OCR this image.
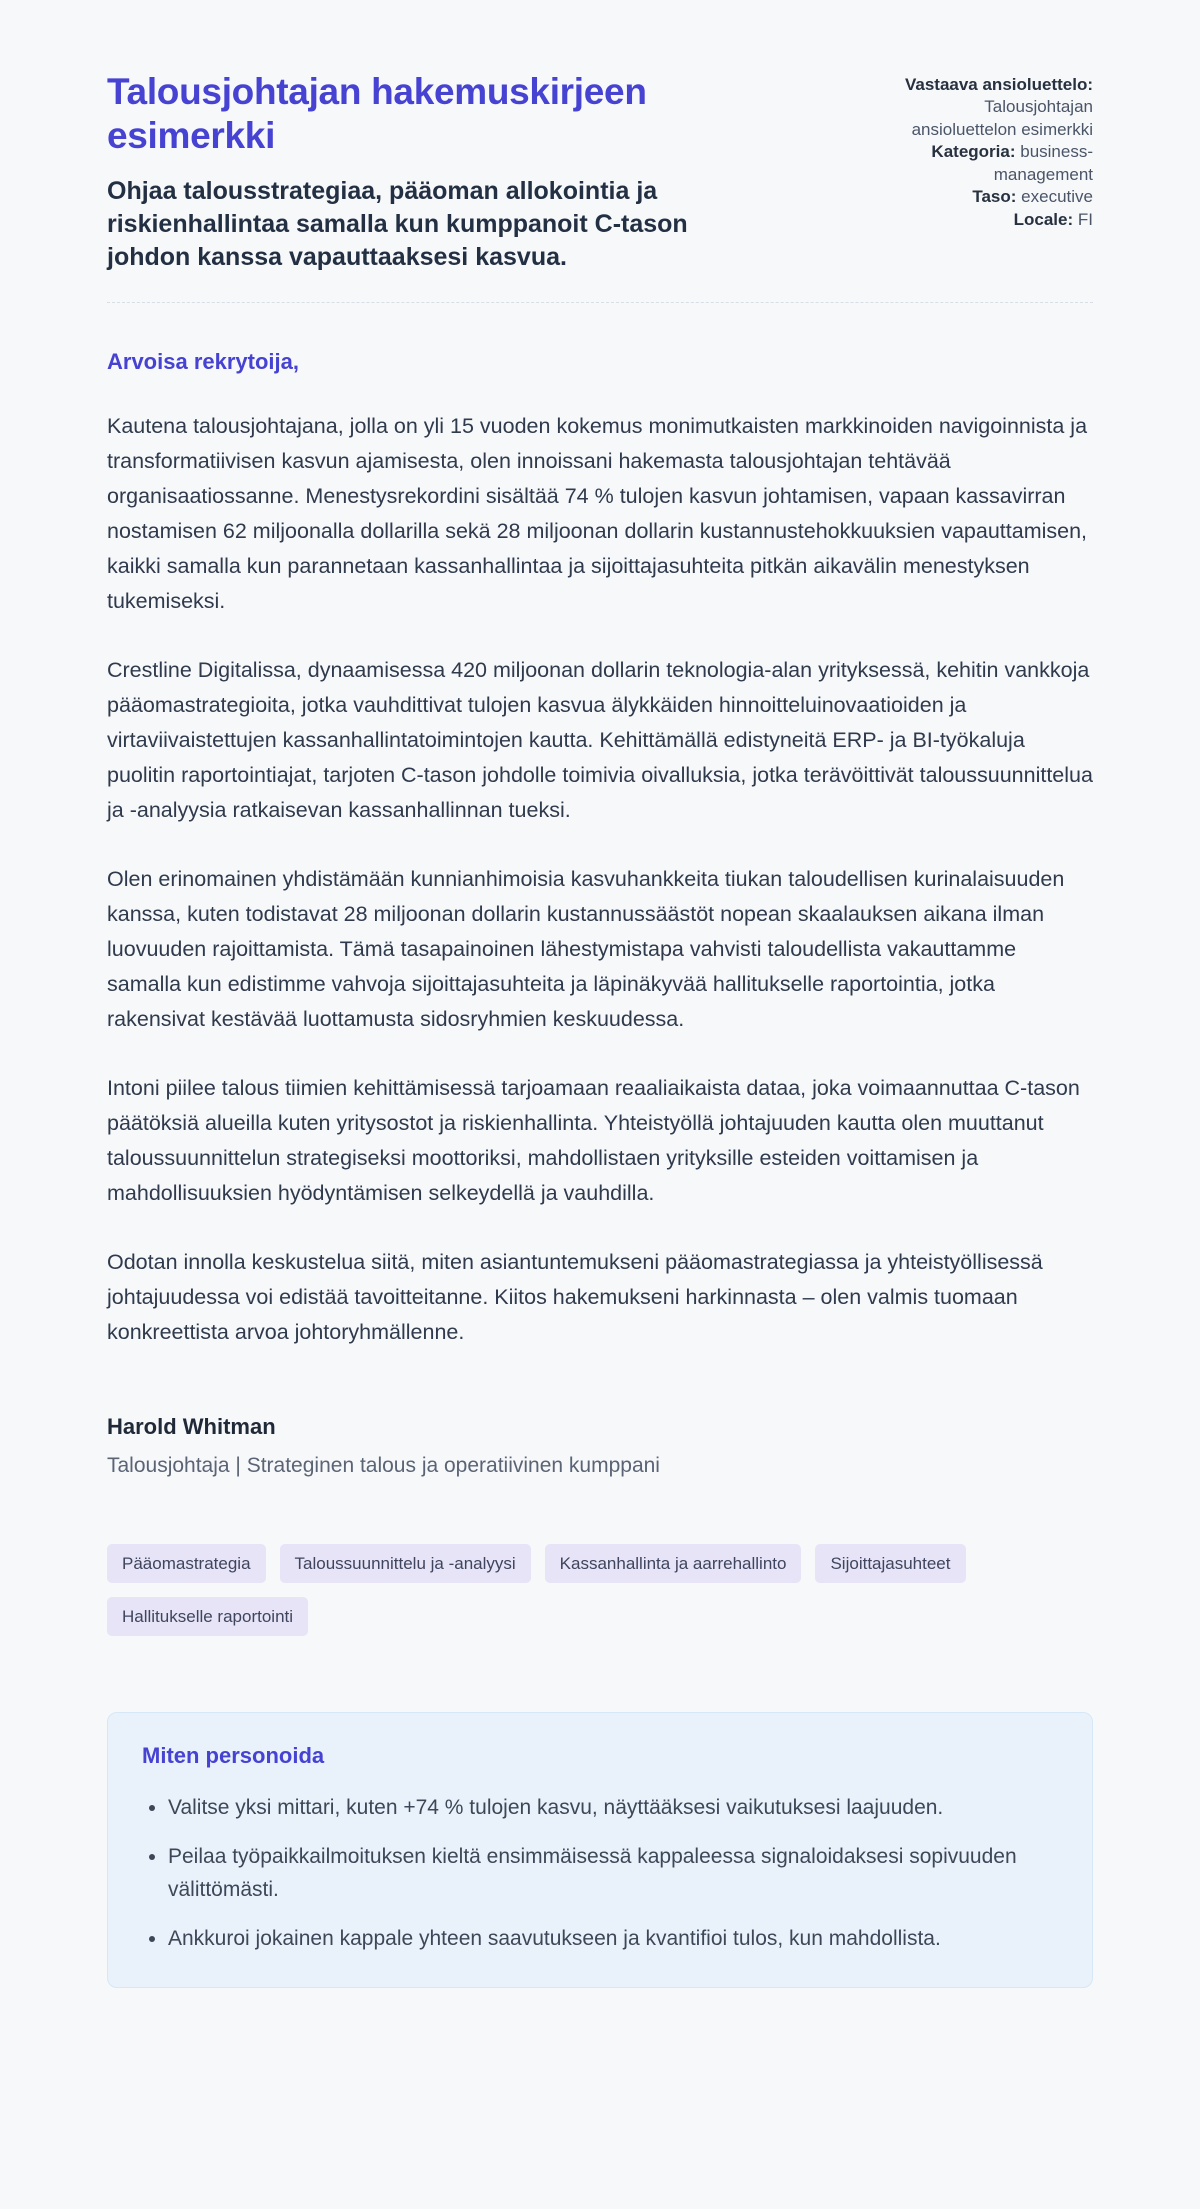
Talousjohtajan hakemuskirjeen esimerkki

Ohjaa talousstrategiaa, pääoman allokointia ja riskienhallintaa samalla kun kumppanoit C-tason johdon kanssa vapauttaaksesi kasvua.

Vastaava ansioluettelo: Talousjohtajan ansioluettelon esimerkki
Kategoria: business-management
Taso: executive
Locale: FI

Arvoisa rekrytoija,

Kautena talousjohtajana, jolla on yli 15 vuoden kokemus monimutkaisten markkinoiden navigoinnista ja transformatiivisen kasvun ajamisesta, olen innoissani hakemasta talousjohtajan tehtävää organisaatiossanne. Menestysrekordini sisältää 74 % tulojen kasvun johtamisen, vapaan kassavirran nostamisen 62 miljoonalla dollarilla sekä 28 miljoonan dollarin kustannustehokkuuksien vapauttamisen, kaikki samalla kun parannetaan kassanhallintaa ja sijoittajasuhteita pitkän aikavälin menestyksen tukemiseksi.

Crestline Digitalissa, dynaamisessa 420 miljoonan dollarin teknologia-alan yrityksessä, kehitin vankkoja pääomastrategioita, jotka vauhdittivat tulojen kasvua älykkäiden hinnoitteluinovaatioiden ja virtaviivaistettujen kassanhallintatoimintojen kautta. Kehittämällä edistyneitä ERP- ja BI-työkaluja puolitin raportointiajat, tarjoten C-tason johdolle toimivia oivalluksia, jotka terävöittivät taloussuunnittelua ja -analyysia ratkaisevan kassanhallinnan tueksi.

Olen erinomainen yhdistämään kunnianhimoisia kasvuhankkeita tiukan taloudellisen kurinalaisuuden kanssa, kuten todistavat 28 miljoonan dollarin kustannussäästöt nopean skaalauksen aikana ilman luovuuden rajoittamista. Tämä tasapainoinen lähestymistapa vahvisti taloudellista vakauttamme samalla kun edistimme vahvoja sijoittajasuhteita ja läpinäkyvää hallitukselle raportointia, jotka rakensivat kestävää luottamusta sidosryhmien keskuudessa.

Intoni piilee talous tiimien kehittämisessä tarjoamaan reaaliaikaista dataa, joka voimaannuttaa C-tason päätöksiä alueilla kuten yritysostot ja riskienhallinta. Yhteistyöllä johtajuuden kautta olen muuttanut taloussuunnittelun strategiseksi moottoriksi, mahdollistaen yrityksille esteiden voittamisen ja mahdollisuuksien hyödyntämisen selkeydellä ja vauhdilla.

Odotan innolla keskustelua siitä, miten asiantuntemukseni pääomastrategiassa ja yhteistyöllisessä johtajuudessa voi edistää tavoitteitanne. Kiitos hakemukseni harkinnasta – olen valmis tuomaan konkreettista arvoa johtoryhmällenne.

Harold Whitman

Talousjohtaja | Strateginen talous ja operatiivinen kumppani

Pääomastrategia	Taloussuunnittelu ja -analyysi	Kassanhallinta ja aarrehallinto	Sijoittajasuhteet
Hallitukselle raportointi
Miten personoida
• Valitse yksi mittari, kuten +74 % tulojen kasvu, näyttääksesi vaikutuksesi laajuuden.
• Peilaa työpaikkailmoituksen kieltä ensimmäisessä kappaleessa signaloidaksesi sopivuuden välittömästi.
• Ankkuroi jokainen kappale yhteen saavutukseen ja kvantifioi tulos, kun mahdollista.
